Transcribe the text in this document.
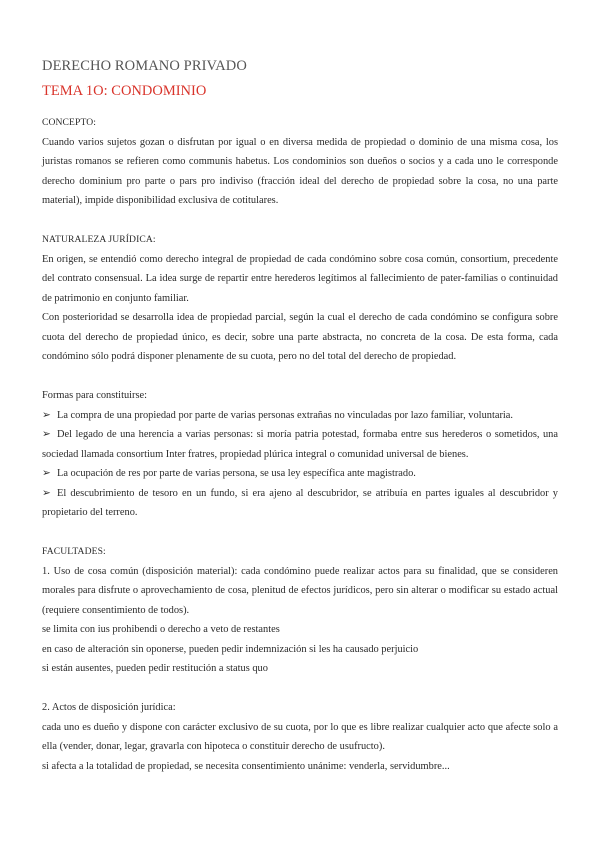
DERECHO ROMANO PRIVADO
TEMA 1O: CONDOMINIO

CONCEPTO:

Cuando varios sujetos gozan o disfrutan por igual o en diversa medida de propiedad o dominio de una misma cosa, los juristas romanos se refieren como communis habetus. Los condominios son dueños o socios y a cada uno le corresponde derecho dominium pro parte o pars pro indiviso (fracción ideal del derecho de propiedad sobre la cosa, no una parte material), impide disponibilidad exclusiva de cotitulares.

NATURALEZA JURÍDICA:

En origen, se entendió como derecho integral de propiedad de cada condómino sobre cosa común, consortium, precedente del contrato consensual. La idea surge de repartir entre herederos legítimos al fallecimiento de pater-familias o continuidad de patrimonio en conjunto familiar.

Con posterioridad se desarrolla idea de propiedad parcial, según la cual el derecho de cada condómino se configura sobre cuota del derecho de propiedad único, es decir, sobre una parte abstracta, no concreta de la cosa. De esta forma, cada condómino sólo podrá disponer plenamente de su cuota, pero no del total del derecho de propiedad.

Formas para constituirse:

➢ La compra de una propiedad por parte de varias personas extrañas no vinculadas por lazo familiar, voluntaria.

➢ Del legado de una herencia a varias personas: si moría patria potestad, formaba entre sus herederos o sometidos, una sociedad llamada consortium Inter fratres, propiedad plúrica integral o comunidad universal de bienes.

➢ La ocupación de res por parte de varias persona, se usa ley específica ante magistrado.

➢ El descubrimiento de tesoro en un fundo, si era ajeno al descubridor, se atribuía en partes iguales al descubridor y propietario del terreno.

FACULTADES:

1. Uso de cosa común (disposición material): cada condómino puede realizar actos para su finalidad, que se consideren morales para disfrute o aprovechamiento de cosa, plenitud de efectos jurídicos, pero sin alterar o modificar su estado actual (requiere consentimiento de todos).

se limita con ius prohibendi o derecho a veto de restantes

en caso de alteración sin oponerse, pueden pedir indemnización si les ha causado perjuicio

si están ausentes, pueden pedir restitución a status quo

2. Actos de disposición jurídica:

cada uno es dueño y dispone con carácter exclusivo de su cuota, por lo que es libre realizar cualquier acto que afecte solo a ella (vender, donar, legar, gravarla con hipoteca o constituir derecho de usufructo).

si afecta a la totalidad de propiedad, se necesita consentimiento unánime: venderla, servidumbre...
